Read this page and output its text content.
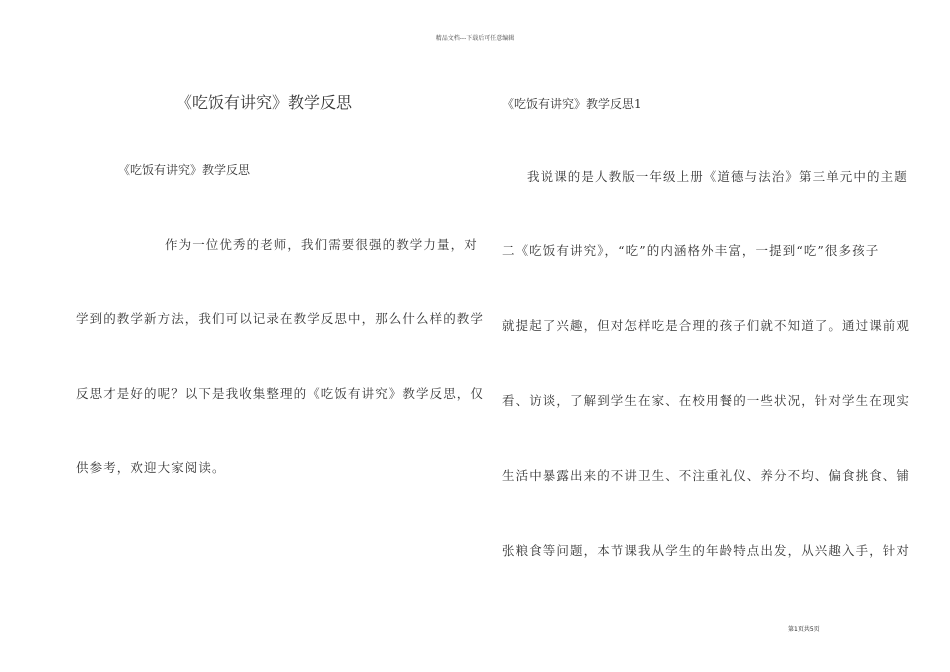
精品文档---下载后可任意编辑
《吃饭有讲究》教学反思
《吃饭有讲究》教学反思
作为一位优秀的老师，我们需要很强的教学力量，对
学到的教学新方法，我们可以记录在教学反思中，那么什么样的教学
反思才是好的呢？以下是我收集整理的《吃饭有讲究》教学反思，仅
供参考，欢迎大家阅读。
《吃饭有讲究》教学反思1
我说课的是人教版一年级上册《道德与法治》第三单元中的主题
二《吃饭有讲究》，“吃”的内涵格外丰富，一提到“吃”很多孩子
就提起了兴趣，但对怎样吃是合理的孩子们就不知道了。通过课前观
看、访谈，了解到学生在家、在校用餐的一些状况，针对学生在现实
生活中暴露出来的不讲卫生、不注重礼仪、养分不均、偏食挑食、铺
张粮食等问题，本节课我从学生的年龄特点出发，从兴趣入手，针对
第1页共5页
